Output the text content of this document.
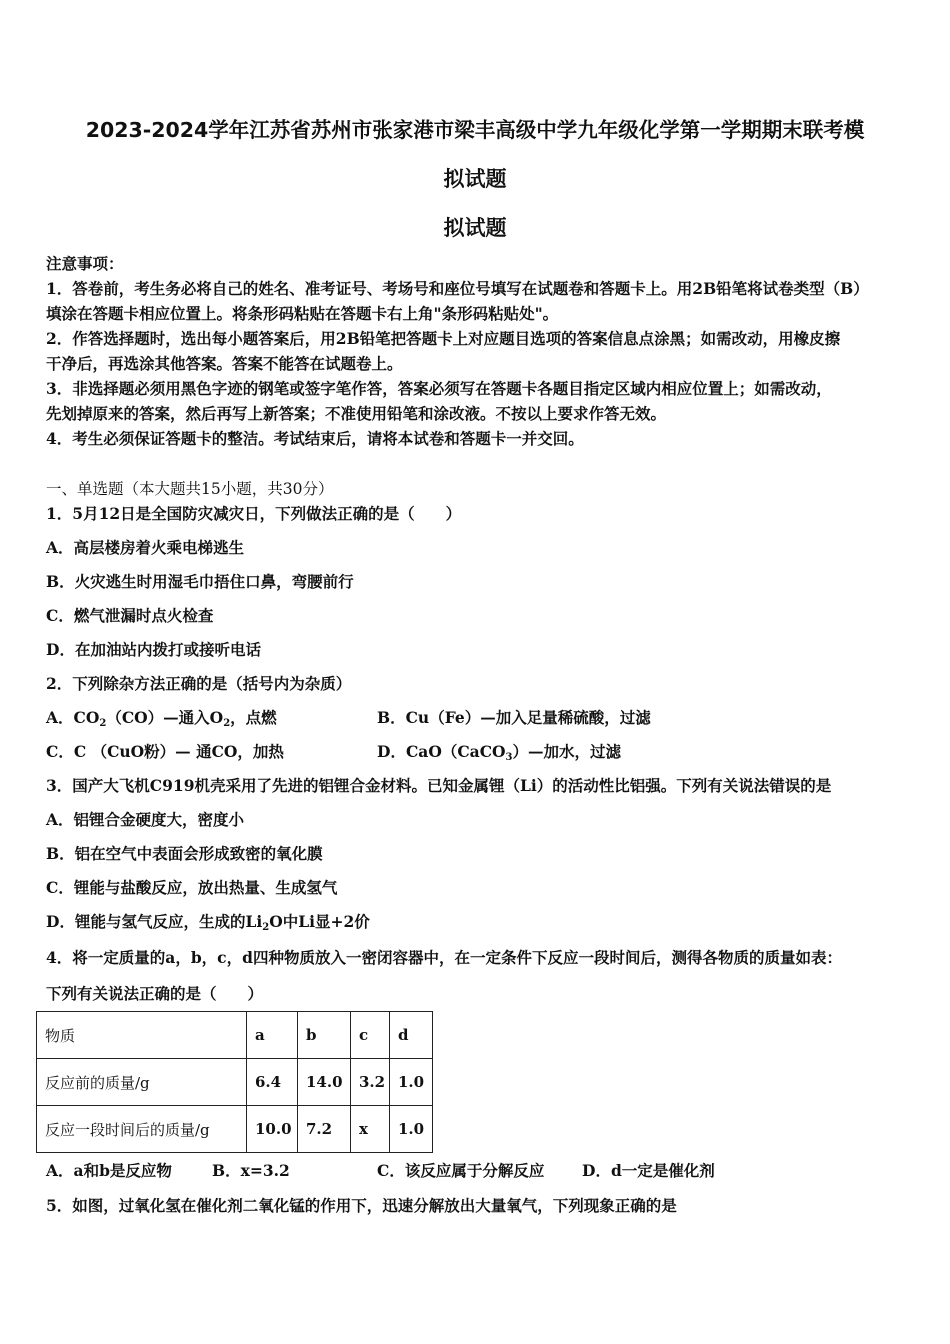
2023-2024学年江苏省苏州市张家港市梁丰高级中学九年级化学第一学期期末联考模
拟试题
拟试题
注意事项：
1．答卷前，考生务必将自己的姓名、准考证号、考场号和座位号填写在试题卷和答题卡上。用2B铅笔将试卷类型（B）
填涂在答题卡相应位置上。将条形码粘贴在答题卡右上角"条形码粘贴处"。
2．作答选择题时，选出每小题答案后，用2B铅笔把答题卡上对应题目选项的答案信息点涂黑；如需改动，用橡皮擦
干净后，再选涂其他答案。答案不能答在试题卷上。
3．非选择题必须用黑色字迹的钢笔或签字笔作答，答案必须写在答题卡各题目指定区域内相应位置上；如需改动，
先划掉原来的答案，然后再写上新答案；不准使用铅笔和涂改液。不按以上要求作答无效。
4．考生必须保证答题卡的整洁。考试结束后，请将本试卷和答题卡一并交回。
一、单选题（本大题共15小题，共30分）
1．5月12日是全国防灾减灾日，下列做法正确的是（　　）
A．高层楼房着火乘电梯逃生
B．火灾逃生时用湿毛巾捂住口鼻，弯腰前行
C．燃气泄漏时点火检查
D．在加油站内拨打或接听电话
2．下列除杂方法正确的是（括号内为杂质）
A．$CO_2(CO)—$通入$O_2$，点燃	B．Cu（Fe）—加入足量稀硫酸，过滤
C．C （CuO粉）— 通CO，加热	D．CaO（CaCO$_3$）—加水，过滤
3．国产大飞机C919机壳采用了先进的铝锂合金材料。已知金属锂（Li）的活动性比铝强。下列有关说法错误的是
A．铝锂合金硬度大，密度小
B．铝在空气中表面会形成致密的氧化膜
C．锂能与盐酸反应，放出热量、生成氢气
D．锂能与氢气反应，生成的$Li_2O$中Li显+2价
4．将一定质量的a，b，c，d四种物质放入一密闭容器中，在一定条件下反应一段时间后，测得各物质的质量如表：
下列有关说法正确的是（　　）
物质	a	b	c	d
反应前的质量/g	6.4	14.0	3.2	1.0
反应一段时间后的质量/g	10.0	7.2	x	1.0
A．a和b是反应物	B．x=3.2	C．该反应属于分解反应 D．d一定是催化剂
5．如图，过氧化氢在催化剂二氧化锰的作用下，迅速分解放出大量氧气，下列现象正确的是
